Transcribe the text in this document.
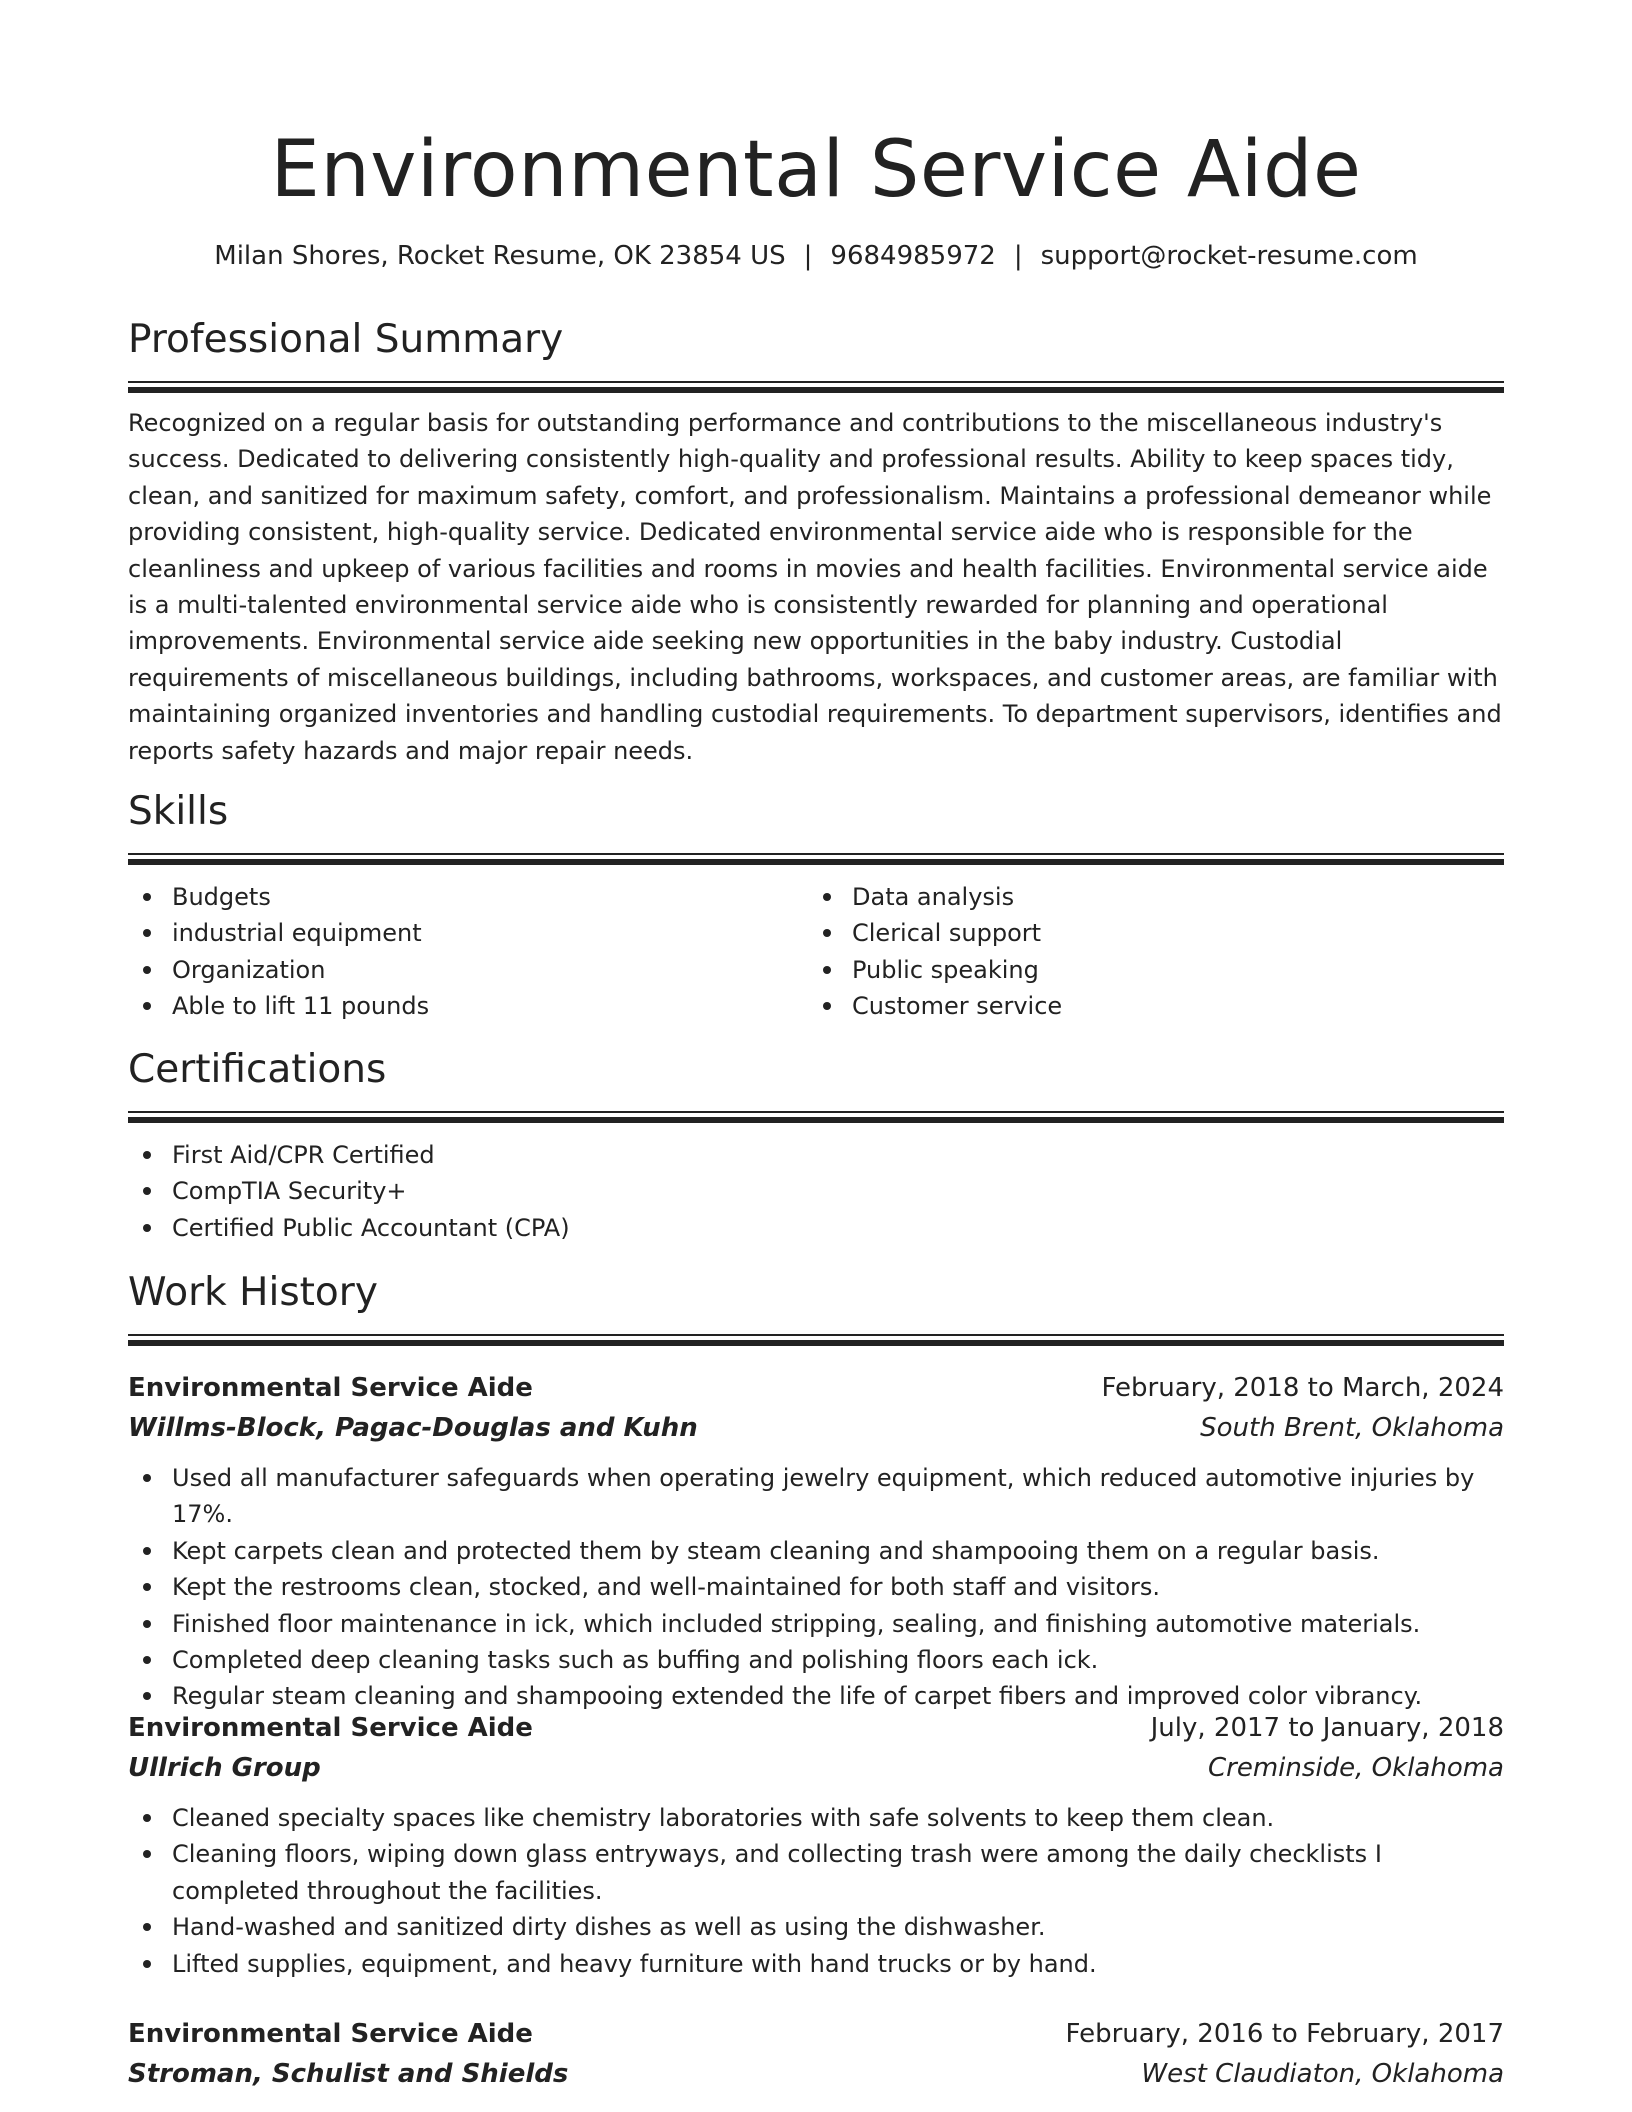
Environmental Service Aide
Milan Shores, Rocket Resume, OK 23854 US | 9684985972 | support@rocket-resume.com
Professional Summary
Recognized on a regular basis for outstanding performance and contributions to the miscellaneous industry's success. Dedicated to delivering consistently high-quality and professional results. Ability to keep spaces tidy, clean, and sanitized for maximum safety, comfort, and professionalism. Maintains a professional demeanor while providing consistent, high-quality service. Dedicated environmental service aide who is responsible for the cleanliness and upkeep of various facilities and rooms in movies and health facilities. Environmental service aide is a multi-talented environmental service aide who is consistently rewarded for planning and operational improvements. Environmental service aide seeking new opportunities in the baby industry. Custodial requirements of miscellaneous buildings, including bathrooms, workspaces, and customer areas, are familiar with maintaining organized inventories and handling custodial requirements. To department supervisors, identifies and reports safety hazards and major repair needs.
Skills
Budgets
industrial equipment
Organization
Able to lift 11 pounds
Data analysis
Clerical support
Public speaking
Customer service
Certifications
First Aid/CPR Certified
CompTIA Security+
Certified Public Accountant (CPA)
Work History
Environmental Service Aide	February, 2018 to March, 2024
Willms-Block, Pagac-Douglas and Kuhn	South Brent, Oklahoma
Used all manufacturer safeguards when operating jewelry equipment, which reduced automotive injuries by 17%.
Kept carpets clean and protected them by steam cleaning and shampooing them on a regular basis.
Kept the restrooms clean, stocked, and well-maintained for both staff and visitors.
Finished floor maintenance in ick, which included stripping, sealing, and finishing automotive materials.
Completed deep cleaning tasks such as buffing and polishing floors each ick.
Regular steam cleaning and shampooing extended the life of carpet fibers and improved color vibrancy.
Environmental Service Aide	July, 2017 to January, 2018
Ullrich Group	Creminside, Oklahoma
Cleaned specialty spaces like chemistry laboratories with safe solvents to keep them clean.
Cleaning floors, wiping down glass entryways, and collecting trash were among the daily checklists I completed throughout the facilities.
Hand-washed and sanitized dirty dishes as well as using the dishwasher.
Lifted supplies, equipment, and heavy furniture with hand trucks or by hand.
Environmental Service Aide	February, 2016 to February, 2017
Stroman, Schulist and Shields	West Claudiaton, Oklahoma
